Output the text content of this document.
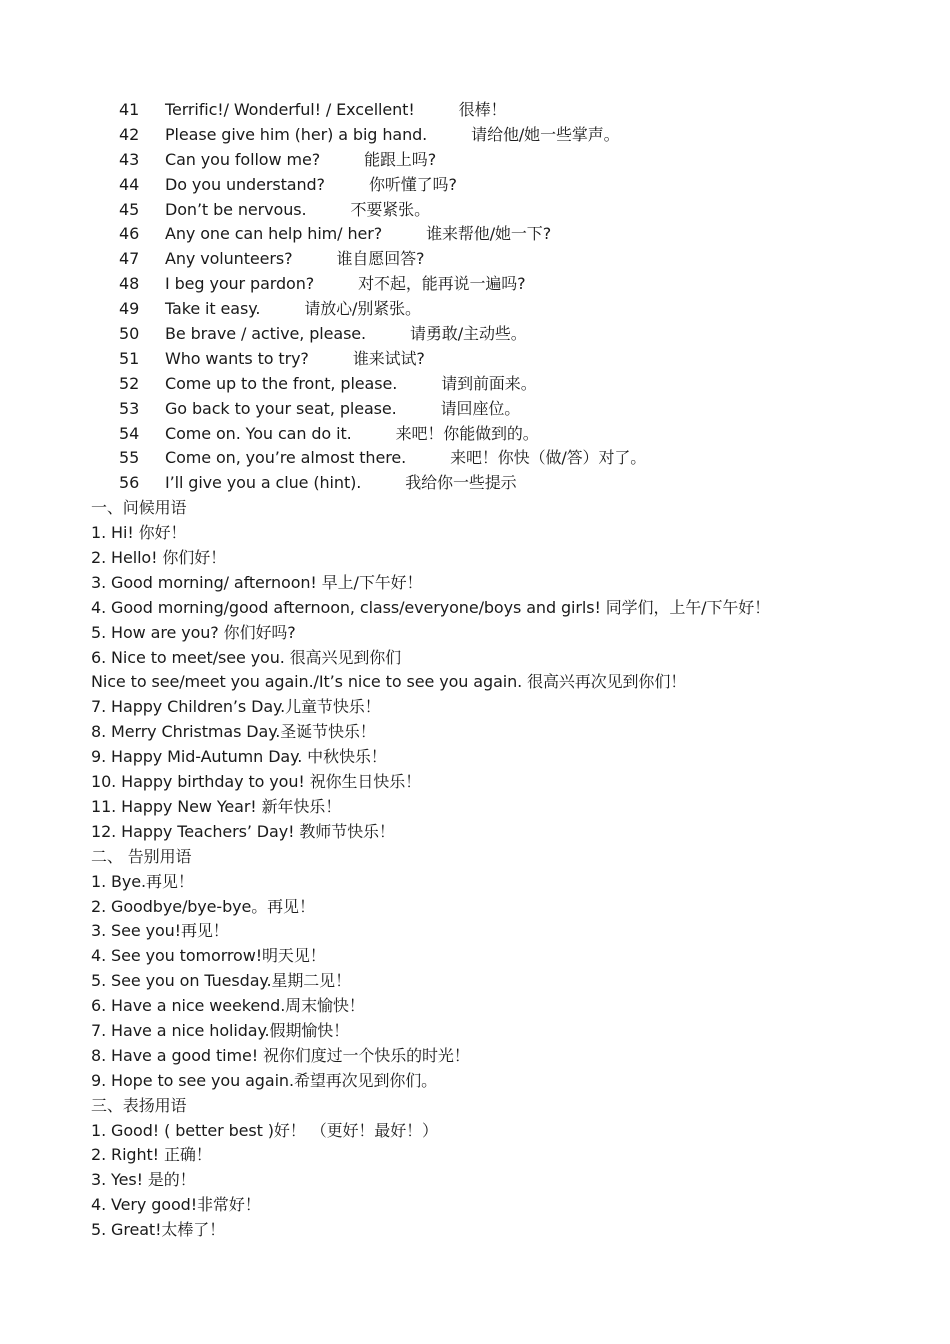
41 Terrific!/ Wonderful! / Excellent!	很棒！
42 Please give him (her) a big hand.	请给他/她一些掌声。
43 Can you follow me?	能跟上吗?
44 Do you understand?	你听懂了吗?
45 Don’t be nervous.	不要紧张。
46 Any one can help him/ her?	谁来帮他/她一下?
47 Any volunteers?	谁自愿回答?
48 I beg your pardon?	对不起，能再说一遍吗?
49 Take it easy.	请放心/别紧张。
50 Be brave / active, please.	请勇敢/主动些。
51 Who wants to try?	谁来试试?
52 Come up to the front, please.	请到前面来。
53 Go back to your seat, please.	请回座位。
54 Come on. You can do it.	来吧！你能做到的。
55 Come on, you’re almost there.	来吧！你快（做/答）对了。
56 I’ll give you a clue (hint).	我给你一些提示
一、问候用语
1. Hi! 你好！
2. Hello! 你们好！
3. Good morning/ afternoon! 早上/下午好！
4. Good morning/good afternoon, class/everyone/boys and girls! 同学们，上午/下午好！
5. How are you? 你们好吗?
6. Nice to meet/see you. 很高兴见到你们
Nice to see/meet you again./It’s nice to see you again. 很高兴再次见到你们！
7. Happy Children’s Day.儿童节快乐！
8. Merry Christmas Day.圣诞节快乐！
9. Happy Mid-Autumn Day. 中秋快乐！
10. Happy birthday to you! 祝你生日快乐！
11. Happy New Year! 新年快乐！
12. Happy Teachers’ Day! 教师节快乐！
二、 告别用语
1. Bye.再见！
2. Goodbye/bye-bye。再见！
3. See you!再见！
4. See you tomorrow!明天见！
5. See you on Tuesday.星期二见！
6. Have a nice weekend.周末愉快！
7. Have a nice holiday.假期愉快！
8. Have a good time! 祝你们度过一个快乐的时光！
9. Hope to see you again.希望再次见到你们。
三、表扬用语
1. Good! ( better best )好！ （更好！最好！）
2. Right! 正确！
3. Yes! 是的！
4. Very good!非常好！
5. Great!太棒了！
